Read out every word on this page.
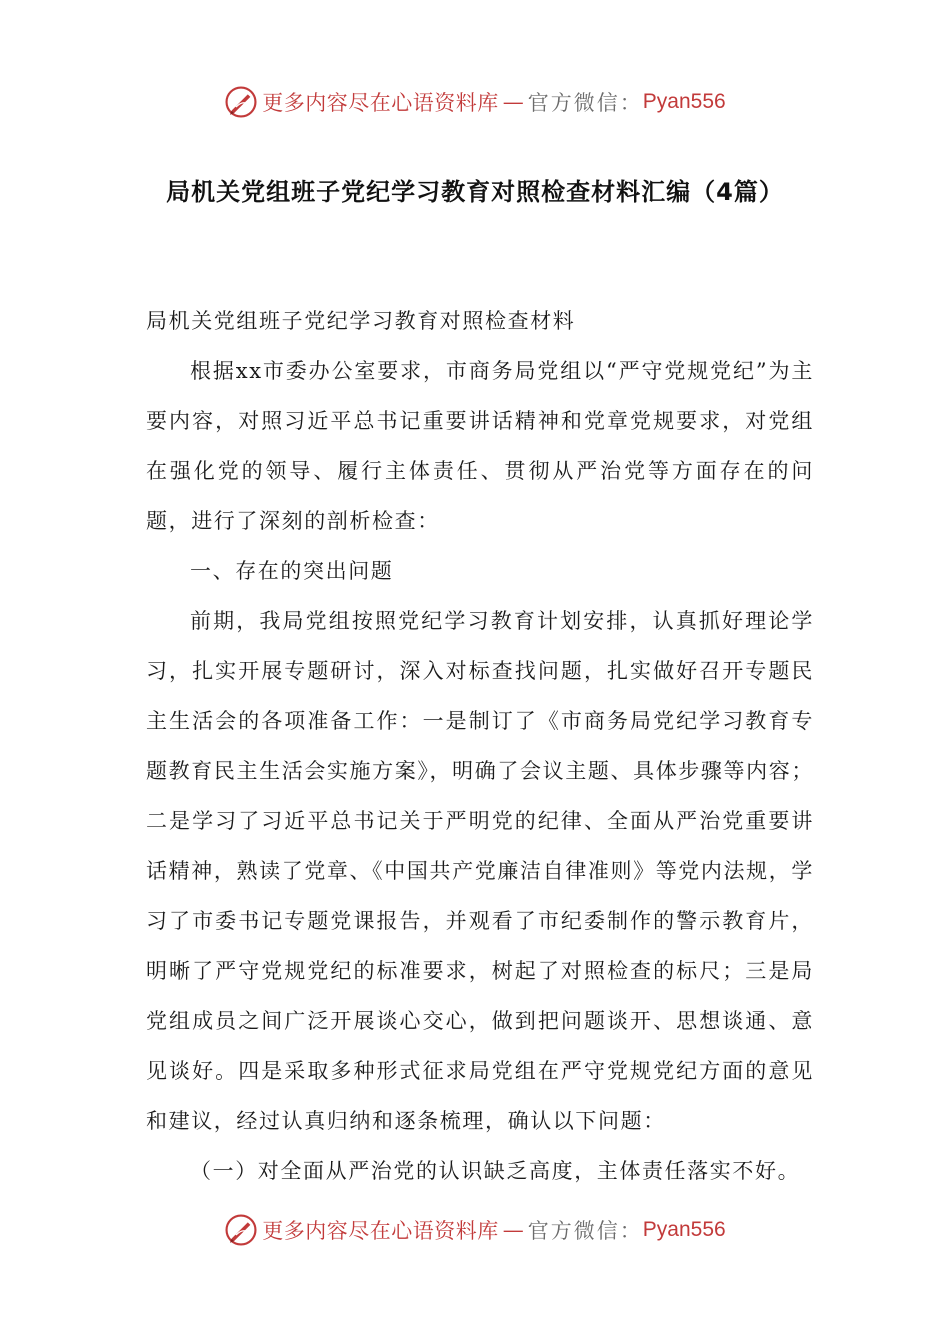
更多内容尽在心语资料库 — 官方微信： Pyan556
局机关党组班子党纪学习教育对照检查材料汇编（4篇）

局机关党组班子党纪学习教育对照检查材料

根据xx市委办公室要求，市商务局党组以“严守党规党纪”为主要内容，对照习近平总书记重要讲话精神和党章党规要求，对党组在强化党的领导、履行主体责任、贯彻从严治党等方面存在的问题，进行了深刻的剖析检查：

一、存在的突出问题

前期，我局党组按照党纪学习教育计划安排，认真抓好理论学习，扎实开展专题研讨，深入对标查找问题，扎实做好召开专题民主生活会的各项准备工作：一是制订了《市商务局党纪学习教育专题教育民主生活会实施方案》，明确了会议主题、具体步骤等内容；二是学习了习近平总书记关于严明党的纪律、全面从严治党重要讲话精神，熟读了党章、《中国共产党廉洁自律准则》等党内法规，学习了市委书记专题党课报告，并观看了市纪委制作的警示教育片，明晰了严守党规党纪的标准要求，树起了对照检查的标尺；三是局党组成员之间广泛开展谈心交心，做到把问题谈开、思想谈通、意见谈好。四是采取多种形式征求局党组在严守党规党纪方面的意见和建议，经过认真归纳和逐条梳理，确认以下问题：

（一）对全面从严治党的认识缺乏高度，主体责任落实不好。

更多内容尽在心语资料库 — 官方微信： Pyan556
